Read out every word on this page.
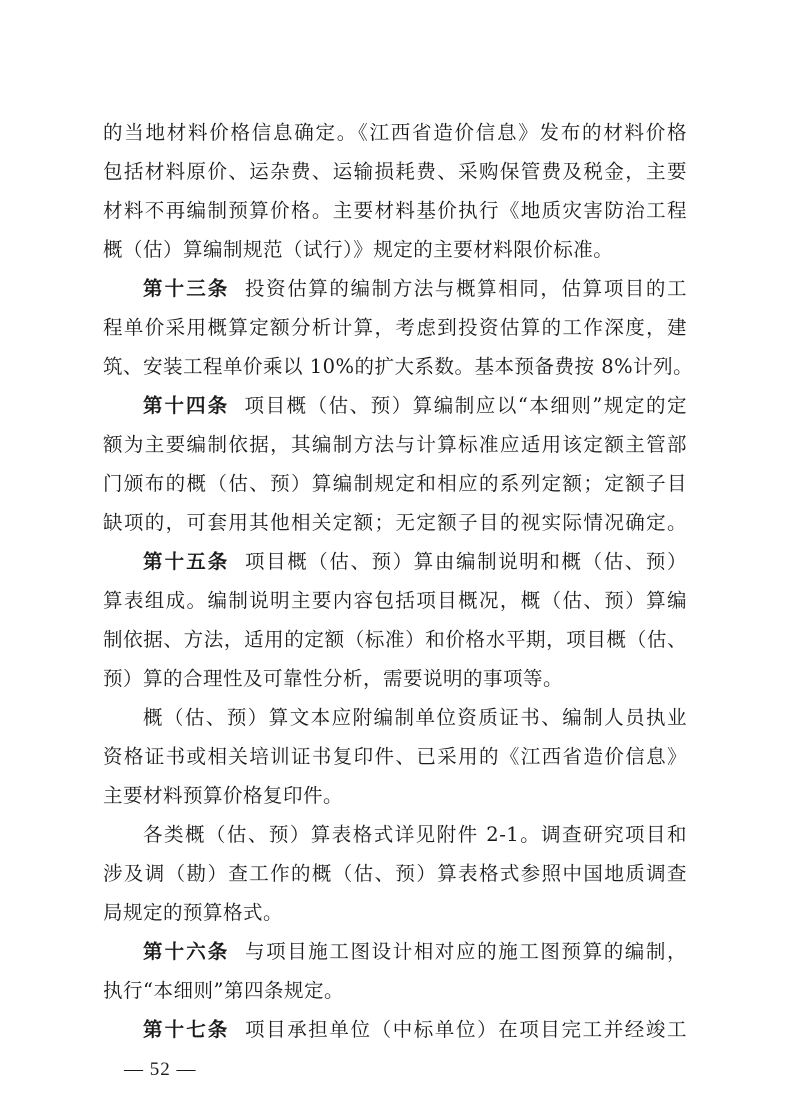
的当地材料价格信息确定。《江西省造价信息》发布的材料价格
包括材料原价、运杂费、运输损耗费、采购保管费及税金，主要
材料不再编制预算价格。主要材料基价执行《地质灾害防治工程
概（估）算编制规范（试行）》规定的主要材料限价标准。
第十三条 投资估算的编制方法与概算相同，估算项目的工
程单价采用概算定额分析计算，考虑到投资估算的工作深度，建
筑、安装工程单价乘以 10%的扩大系数。基本预备费按 8%计列。
第十四条 项目概（估、预）算编制应以“本细则”规定的定
额为主要编制依据，其编制方法与计算标准应适用该定额主管部
门颁布的概（估、预）算编制规定和相应的系列定额；定额子目
缺项的，可套用其他相关定额；无定额子目的视实际情况确定。
第十五条 项目概（估、预）算由编制说明和概（估、预）
算表组成。编制说明主要内容包括项目概况，概（估、预）算编
制依据、方法，适用的定额（标准）和价格水平期，项目概（估、
预）算的合理性及可靠性分析，需要说明的事项等。
概（估、预）算文本应附编制单位资质证书、编制人员执业
资格证书或相关培训证书复印件、已采用的《江西省造价信息》
主要材料预算价格复印件。
各类概（估、预）算表格式详见附件 2-1。调查研究项目和
涉及调（勘）查工作的概（估、预）算表格式参照中国地质调查
局规定的预算格式。
第十六条 与项目施工图设计相对应的施工图预算的编制，
执行“本细则”第四条规定。
第十七条 项目承担单位（中标单位）在项目完工并经竣工
— 52 —
